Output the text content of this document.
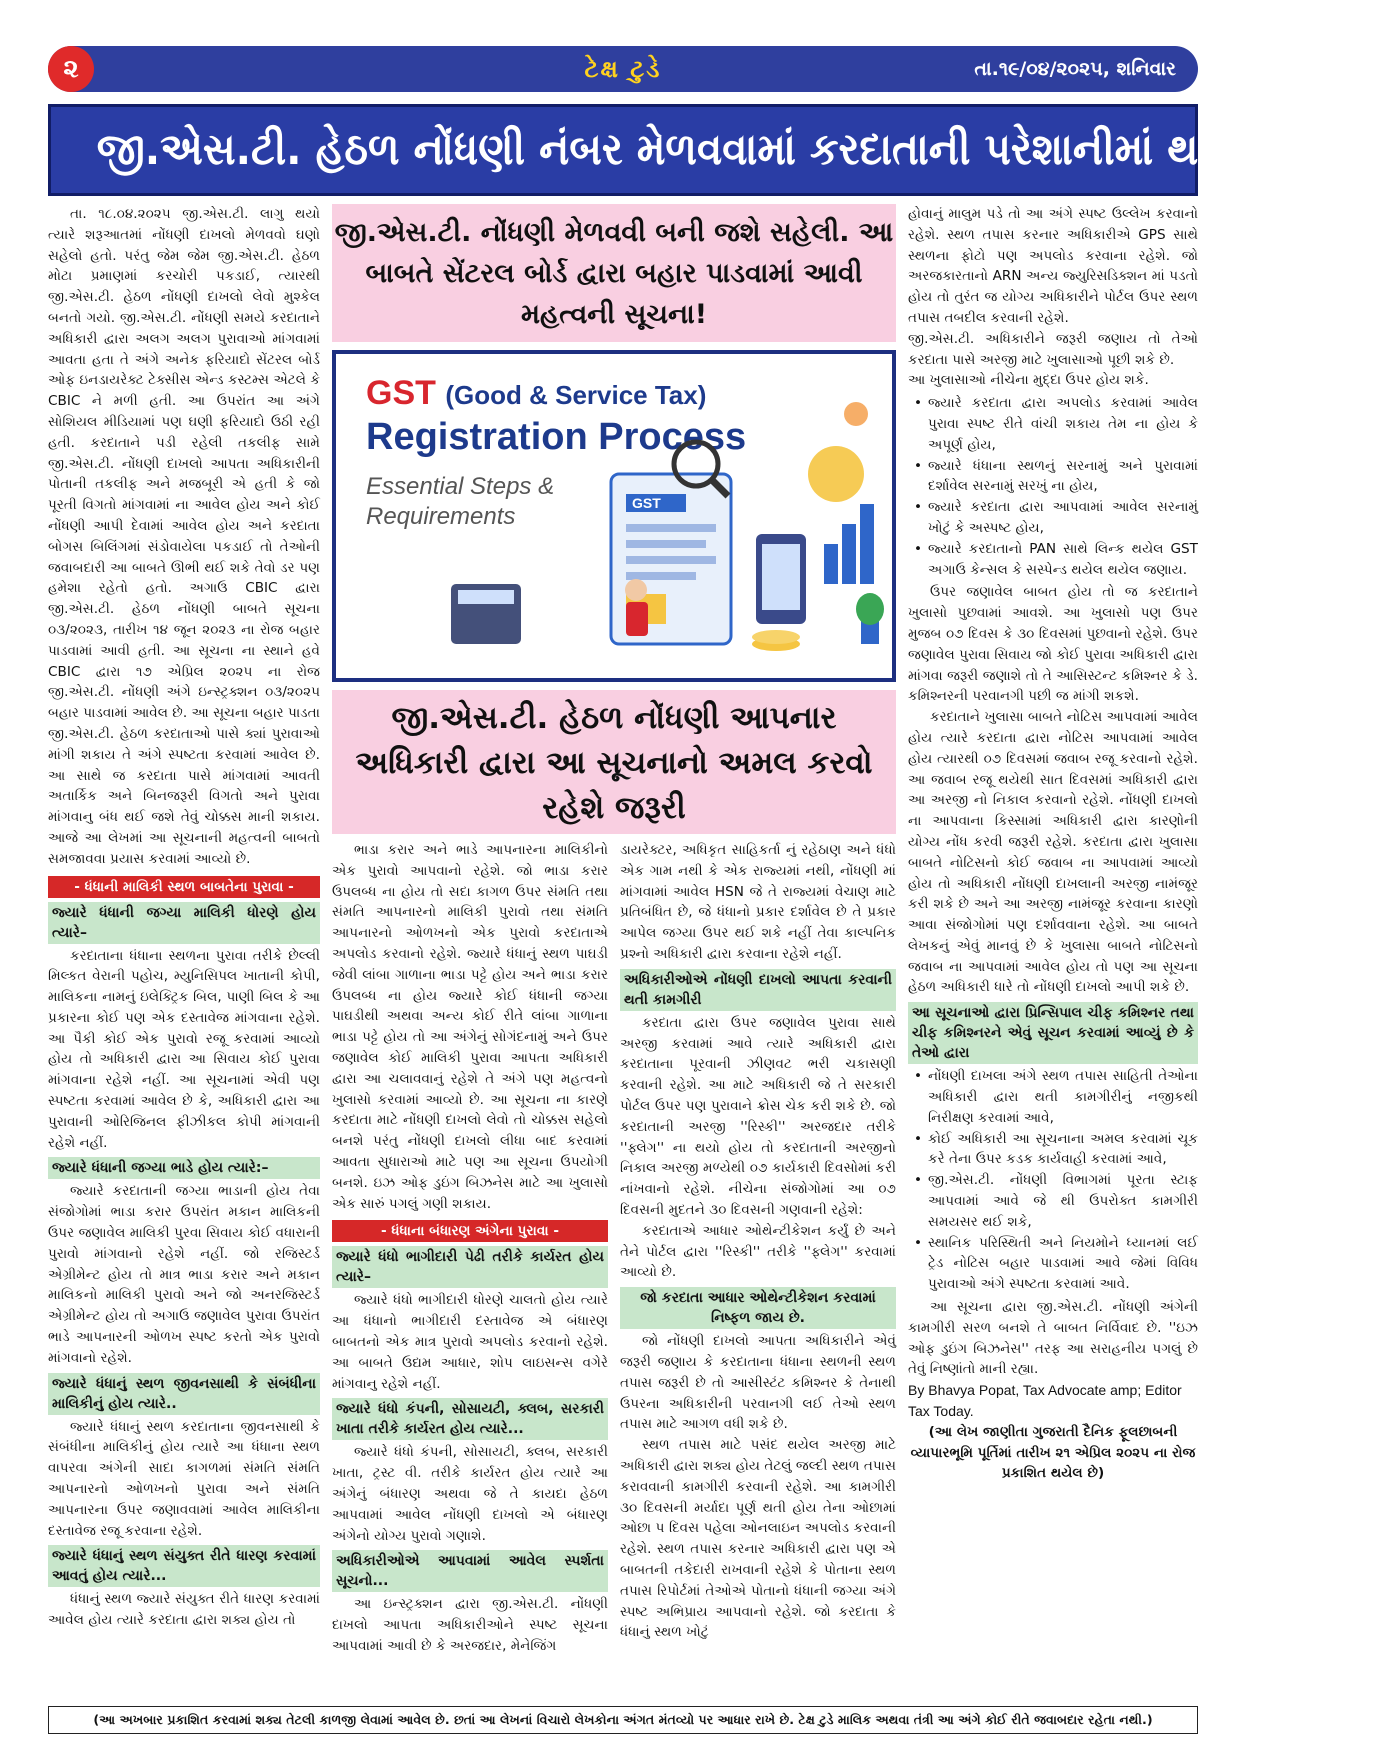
૨	ટેક્ષ ટુડે	તા.૧૯/૦૪/૨૦૨૫, શનિવાર
જી.એસ.ટી. હેઠળ નોંધણી નંબર મેળવવામાં કરદાતાની પરેશાનીમાં થશે ઘટાડો!!

તા. ૧૮.૦૪.૨૦૨૫ જી.એસ.ટી. લાગુ થયો ત્યારે શરૂઆતમાં નોંધણી દાખલો મેળવવો ઘણો સહેલો હતો. પરંતુ જેમ જેમ જી.એસ.ટી. હેઠળ મોટા પ્રમાણમાં કરચોરી પકડાઈ, ત્યારથી જી.એસ.ટી. હેઠળ નોંધણી દાખલો લેવો મુશ્કેલ બનતો ગયો. જી.એસ.ટી. નોંધણી સમયે કરદાતાને અધિકારી દ્વારા અલગ અલગ પુરાવાઓ માંગવામાં આવતા હતા તે અંગે અનેક ફરિયાદો સેંટરલ બોર્ડ ઓફ ઇનડાયરેક્ટ ટેક્સીસ એન્ડ કસ્ટમ્સ એટલે કે CBIC ને મળી હતી. આ ઉપરાંત આ અંગે સોશિયલ મીડિયામાં પણ ઘણી ફરિયાદો ઉઠી રહી હતી. કરદાતાને પડી રહેલી તકલીફ સામે જી.એસ.ટી. નોંધણી દાખલો આપતા અધિકારીની પોતાની તકલીફ અને મજબૂરી એ હતી કે જો પૂરતી વિગતો માંગવામાં ના આવેલ હોય અને કોઈ નોંધણી આપી દેવામાં આવેલ હોય અને કરદાતા બોગસ બિલિંગમાં સંડોવાયેલા પકડાઈ તો તેઓની જવાબદારી આ બાબતે ઊભી થઈ શકે તેવો ડર પણ હમેશા રહેતો હતો. અગાઉ CBIC દ્વારા જી.એસ.ટી. હેઠળ નોંધણી બાબતે સૂચના ૦૩/૨૦૨૩, તારીખ ૧૪ જૂન ૨૦૨૩ ના રોજ બહાર પાડવામાં આવી હતી. આ સૂચના ના સ્થાને હવે CBIC દ્વારા ૧૭ એપ્રિલ ૨૦૨૫ ના રોજ જી.એસ.ટી. નોંધણી અંગે ઇન્સ્ટ્રક્શન ૦૩/૨૦૨૫ બહાર પાડવામાં આવેલ છે. આ સૂચના બહાર પાડતા જી.એસ.ટી. હેઠળ કરદાતાઓ પાસે ક્યાં પુરાવાઓ માંગી શકાય તે અંગે સ્પષ્ટતા કરવામાં આવેલ છે. આ સાથે જ કરદાતા પાસે માંગવામાં આવતી અતાર્કિક અને બિનજરૂરી વિગતો અને પુરાવા માંગવાનુ બંધ થઈ જશે તેવું ચોક્કસ માની શકાય. આજે આ લેખમાં આ સૂચનાની મહત્વની બાબતો સમજાવવા પ્રયાસ કરવામાં આવ્યો છે.

- ધંધાની માલિકી સ્થળ બાબતેના પુરાવા -
જ્યારે ધંધાની જગ્યા માલિકી ધોરણે હોય ત્યારે–

કરદાતાના ધંધાના સ્થળના પુરાવા તરીકે છેલ્લી મિલ્કત વેરાની પહોચ, મ્યુનિસિપલ ખાતાની કોપી, માલિકના નામનું ઇલેક્ટ્રિક બિલ, પાણી બિલ કે આ પ્રકારના કોઈ પણ એક દસ્તાવેજ માંગવાના રહેશે. આ પૈકી કોઈ એક પુરાવો રજૂ કરવામાં આવ્યો હોય તો અધિકારી દ્વારા આ સિવાય કોઈ પુરાવા માંગવાના રહેશે નહીં. આ સૂચનામાં એવી પણ સ્પષ્ટતા કરવામાં આવેલ છે કે, અધિકારી દ્વારા આ પુરાવાની ઓરિજિનલ ફીઝીકલ કોપી માંગવાની રહેશે નહીં.

જ્યારે ધંધાની જગ્યા ભાડે હોય ત્યારે:–

જ્યારે કરદાતાની જગ્યા ભાડાની હોય તેવા સંજોગોમાં ભાડા કરાર ઉપરાંત મકાન માલિકની ઉપર જણાવેલ માલિકી પુરવા સિવાય કોઈ વધારાની પુરાવો માંગવાનો રહેશે નહીં. જો રજિસ્ટર્ડ એગ્રીમેન્ટ હોય તો માત્ર ભાડા કરાર અને મકાન માલિકનો માલિકી પુરાવો અને જો અનરજિસ્ટર્ડ એગ્રીમેન્ટ હોય તો અગાઉ જણાવેલ પુરાવા ઉપરાંત ભાડે આપનારની ઓળખ સ્પષ્ટ કરતો એક પુરાવો માંગવાનો રહેશે.

જ્યારે ધંધાનું સ્થળ જીવનસાથી કે સંબંધીના માલિકીનું હોય ત્યારે..

જ્યારે ધંધાનું સ્થળ કરદાતાના જીવનસાથી કે સંબંધીના માલિકીનું હોય ત્યારે આ ધંધાના સ્થળ વાપરવા અંગેની સાદા કાગળમાં સંમતિ સંમતિ આપનારનો ઓળખનો પુરાવા અને સંમતિ આપનારના ઉપર જણાવવામાં આવેલ માલિકીના દસ્તાવેજ રજૂ કરવાના રહેશે.

જ્યારે ધંધાનું સ્થળ સંયુક્ત રીતે ધારણ કરવામાં આવતું હોય ત્યારે...

ધંધાનું સ્થળ જ્યારે સંયુક્ત રીતે ધારણ કરવામાં આવેલ હોય ત્યારે કરદાતા દ્વારા શક્ય હોય તો

જી.એસ.ટી. નોંધણી મેળવવી બની જશે સહેલી. આ બાબતે સેંટરલ બોર્ડ દ્વારા બહાર પાડવામાં આવી મહત્વની સૂચના!
GST (Good & Service Tax)
Registration Process
Essential Steps & Requirements	GST
જી.એસ.ટી. હેઠળ નોંધણી આપનાર અધિકારી દ્વારા આ સૂચનાનો અમલ કરવો રહેશે જરૂરી

ભાડા કરાર અને ભાડે આપનારના માલિકીનો એક પુરાવો આપવાનો રહેશે. જો ભાડા કરાર ઉપલબ્ધ ના હોય તો સદા કાગળ ઉપર સંમતિ તથા સંમતિ આપનારનો માલિકી પુરાવો તથા સંમતિ આપનારનો ઓળખનો એક પુરાવો કરદાતાએ અપલોડ કરવાનો રહેશે. જ્યારે ધંધાનું સ્થળ પાઘડી જેવી લાંબા ગાળાના ભાડા પટ્ટે હોય અને ભાડા કરાર ઉપલબ્ધ ના હોય જ્યારે કોઈ ધંધાની જગ્યા પાઘડીથી અથવા અન્ય કોઈ રીતે લાંબા ગાળાના ભાડા પટ્ટે હોય તો આ અંગેનું સોગંદનામું અને ઉપર જણાવેલ કોઈ માલિકી પુરાવા આપતા અધિકારી દ્વારા આ ચલાવવાનું રહેશે તે અંગે પણ મહત્વનો ખુલાસો કરવામાં આવ્યો છે. આ સૂચના ના કારણે કરદાતા માટે નોંધણી દાખલો લેવો તો ચોક્કસ સહેલો બનશે પરંતુ નોંધણી દાખલો લીધા બાદ કરવામાં આવતા સુધારાઓ માટે પણ આ સૂચના ઉપયોગી બનશે. ઇઝ ઓફ ડુઇંગ બિઝનેસ માટે આ ખુલાસો એક સારું પગલું ગણી શકાય.

- ધંધાના બંધારણ અંગેના પુરાવા -
જ્યારે ધંધો ભાગીદારી પેઢી તરીકે કાર્યરત હોય ત્યારે–

જ્યારે ધંધો ભાગીદારી ધોરણે ચાલતો હોય ત્યારે આ ધંધાનો ભાગીદારી દસ્તાવેજ એ બંધારણ બાબતનો એક માત્ર પુરાવો અપલોડ કરવાનો રહેશે. આ બાબતે ઉદ્યમ આધાર, શોપ લાઇસન્સ વગેરે માંગવાનુ રહેશે નહીં.

જ્યારે ધંધો કંપની, સોસાયટી, ક્લબ, સરકારી ખાતા તરીકે કાર્યરત હોય ત્યારે...

જ્યારે ધંધો કંપની, સોસાયટી, ક્લબ, સરકારી ખાતા, ટ્રસ્ટ વી. તરીકે કાર્યરત હોય ત્યારે આ અંગેનું બંધારણ અથવા જે તે કાયદા હેઠળ આપવામાં આવેલ નોંધણી દાખલો એ બંધારણ અંગેનો યોગ્ય પુરાવો ગણાશે.

અધિકારીઓએ આપવામાં આવેલ સ્પર્શતા સૂચનો...

આ ઇન્સ્ટ્રક્શન દ્વારા જી.એસ.ટી. નોંધણી દાખલો આપતા અધિકારીઓને સ્પષ્ટ સૂચના આપવામાં આવી છે કે અરજદાર, મેનેજિંગ

ડાયરેક્ટર, અધિકૃત સાહિકર્તા નું રહેઠાણ અને ધંધો એક ગામ નથી કે એક રાજ્યમાં નથી, નોંધણી માં માંગવામાં આવેલ HSN જે તે રાજ્યમાં વેચાણ માટે પ્રતિબંધિત છે, જે ધંધાનો પ્રકાર દર્શાવેલ છે તે પ્રકાર આપેલ જગ્યા ઉપર થઈ શકે નહીં તેવા કાલ્પનિક પ્રશ્નો અધિકારી દ્વારા કરવાના રહેશે નહીં.

અધિકારીઓએ નોંધણી દાખલો આપતા કરવાની થતી કામગીરી

કરદાતા દ્વારા ઉપર જણાવેલ પુરાવા સાથે અરજી કરવામાં આવે ત્યારે અધિકારી દ્વારા કરદાતાના પૂરવાની ઝીણવટ ભરી ચકાસણી કરવાની રહેશે. આ માટે અધિકારી જે તે સરકારી પોર્ટલ ઉપર પણ પુરાવાને ક્રોસ ચેક કરી શકે છે. જો કરદાતાની અરજી ''રિસ્કી'' અરજદાર તરીકે ''ફ્લેગ'' ના થયો હોય તો કરદાતાની અરજીનો નિકાલ અરજી મળ્યેથી ૦૭ કાર્યકારી દિવસોમાં કરી નાંખવાનો રહેશે. નીચેના સંજોગોમાં આ ૦૭ દિવસની મુદતને ૩૦ દિવસની ગણવાની રહેશે:

કરદાતાએ આધાર ઓથેન્ટીકેશન કર્યું છે અને તેને પોર્ટલ દ્વારા ''રિસ્કી'' તરીકે ''ફ્લેગ'' કરવામાં આવ્યો છે.

જો કરદાતા આધાર ઓથેન્ટીકેશન કરવામાં નિષ્ફળ જાય છે.

જો નોંધણી દાખલો આપતા અધિકારીને એવું જરૂરી જણાય કે કરદાતાના ધંધાના સ્થળની સ્થળ તપાસ જરૂરી છે તો આસીસ્ટંટ કમિશ્નર કે તેનાથી ઉપરના અધિકારીની પરવાનગી લઈ તેઓ સ્થળ તપાસ માટે આગળ વધી શકે છે.

સ્થળ તપાસ માટે પસંદ થયેલ અરજી માટે અધિકારી દ્વારા શક્ય હોય તેટલું જલ્દી સ્થળ તપાસ કરાવવાની કામગીરી કરવાની રહેશે. આ કામગીરી ૩૦ દિવસની મર્યાદા પૂર્ણ થતી હોય તેના ઓછામાં ઓછા પ દિવસ પહેલા ઓનલાઇન અપલોડ કરવાની રહેશે. સ્થળ તપાસ કરનાર અધિકારી દ્વારા પણ એ બાબતની તકેદારી રાખવાની રહેશે કે પોતાના સ્થળ તપાસ રિપોર્ટમાં તેઓએ પોતાનો ધંધાની જગ્યા અંગે સ્પષ્ટ અભિપ્રાય આપવાનો રહેશે. જો કરદાતા કે ધંધાનું સ્થળ ખોટું

હોવાનું માલુમ પડે તો આ અંગે સ્પષ્ટ ઉલ્લેખ કરવાનો રહેશે. સ્થળ તપાસ કરનાર અધિકારીએ GPS સાથે સ્થળના ફોટો પણ અપલોડ કરવાના રહેશે. જો અરજકારતાનો ARN અન્ય જ્યુરિસડિક્શન માં પડતો હોય તો તુરંત જ યોગ્ય અધિકારીને પોર્ટલ ઉપર સ્થળ તપાસ તબદીલ કરવાની રહેશે.

જી.એસ.ટી. અધિકારીને જરૂરી જણાય તો તેઓ કરદાતા પાસે અરજી માટે ખુલાસાઓ પૂછી શકે છે.

આ ખુલાસાઓ નીચેના મુદ્દા ઉપર હોય શકે.

• જ્યારે કરદાતા દ્વારા અપલોડ કરવામાં આવેલ પુરાવા સ્પષ્ટ રીતે વાંચી શકાય તેમ ના હોય કે અપૂર્ણ હોય,
• જ્યારે ધંધાના સ્થળનું સરનામું અને પુરાવામાં દર્શાવેલ સરનામું સરખું ના હોય,
• જ્યારે કરદાતા દ્વારા આપવામાં આવેલ સરનામું ખોટું કે અસ્પષ્ટ હોય,
• જ્યારે કરદાતાનો PAN સાથે લિન્ક થયેલ GST અગાઉ કેન્સલ કે સસ્પેન્ડ થયેલ થયેલ જણાય.

ઉપર જણાવેલ બાબત હોય તો જ કરદાતાને ખુલાસો પુછવામાં આવશે. આ ખુલાસો પણ ઉપર મુજબ ૦૭ દિવસ કે ૩૦ દિવસમાં પુછવાનો રહેશે. ઉપર જણાવેલ પુરાવા સિવાય જો કોઈ પુરાવા અધિકારી દ્વારા માંગવા જરૂરી જણાશે તો તે આસિસ્ટન્ટ કમિશ્નર કે ડે. કમિશ્નરની પરવાનગી પછી જ માંગી શકશે.

કરદાતાને ખુલાસા બાબતે નોટિસ આપવામાં આવેલ હોય ત્યારે કરદાતા દ્વારા નોટિસ આપવામાં આવેલ હોય ત્યારથી ૦૭ દિવસમાં જવાબ રજૂ કરવાનો રહેશે. આ જવાબ રજૂ થયેથી સાત દિવસમાં અધિકારી દ્વારા આ અરજી નો નિકાલ કરવાનો રહેશે. નોંધણી દાખલો ના આપવાના કિસ્સામાં અધિકારી દ્વારા કારણોની યોગ્ય નોંધ કરવી જરૂરી રહેશે. કરદાતા દ્વારા ખુલાસા બાબતે નોટિસનો કોઈ જવાબ ના આપવામાં આવ્યો હોય તો અધિકારી નોંધણી દાખલાની અરજી નામંજૂર કરી શકે છે અને આ અરજી નામંજૂર કરવાના કારણો આવા સંજોગોમાં પણ દર્શાવવાના રહેશે. આ બાબતે લેખકનું એવું માનવું છે કે ખુલાસા બાબતે નોટિસનો જવાબ ના આપવામાં આવેલ હોય તો પણ આ સૂચના હેઠળ અધિકારી ધારે તો નોંધણી દાખલો આપી શકે છે.

આ સૂચનાઓ દ્વારા પ્રિન્સિપાલ ચીફ કમિશ્નર તથા ચીફ કમિશ્નરને એવું સૂચન કરવામાં આવ્યું છે કે તેઓ દ્વારા
• નોંધણી દાખલા અંગે સ્થળ તપાસ સાહિતી તેઓના અધિકારી દ્વારા થતી કામગીરીનું નજીકથી નિરીક્ષણ કરવામાં આવે,
• કોઈ અધિકારી આ સૂચનાના અમલ કરવામાં ચૂક કરે તેના ઉપર કડક કાર્યવાહી કરવામાં આવે,
• જી.એસ.ટી. નોંધણી વિભાગમાં પૂરતા સ્ટાફ આપવામાં આવે જે થી ઉપરોક્ત કામગીરી સમયસર થઈ શકે,
• સ્થાનિક પરિસ્થિતી અને નિયમોને ધ્યાનમાં લઈ ટ્રેડ નોટિસ બહાર પાડવામાં આવે જેમાં વિવિધ પુરાવાઓ અંગે સ્પષ્ટતા કરવામાં આવે.

આ સૂચના દ્વારા જી.એસ.ટી. નોંધણી અંગેની કામગીરી સરળ બનશે તે બાબત નિર્વિવાદ છે. ''ઇઝ ઓફ ડુઇંગ બિઝનેસ'' તરફ આ સરાહનીય પગલું છે તેવું નિષ્ણાંતો માની રહ્યા.

By Bhavya Popat, Tax Advocate amp; Editor Tax Today.

(આ લેખ જાણીતા ગુજરાતી દૈનિક ફૂલછાબની વ્યાપારભૂમિ પૂર્તિમાં તારીખ ૨૧ એપ્રિલ ૨૦૨૫ ના રોજ પ્રકાશિત થયેલ છે)

(આ અખબાર પ્રકાશિત કરવામાં શક્ય તેટલી કાળજી લેવામાં આવેલ છે. છતાં આ લેખનાં વિચારો લેખકોના અંગત મંતવ્યો પર આધાર રાખે છે. ટેક્ષ ટુડે માલિક અથવા તંત્રી આ અંગે કોઈ રીતે જવાબદાર રહેતા નથી.)
